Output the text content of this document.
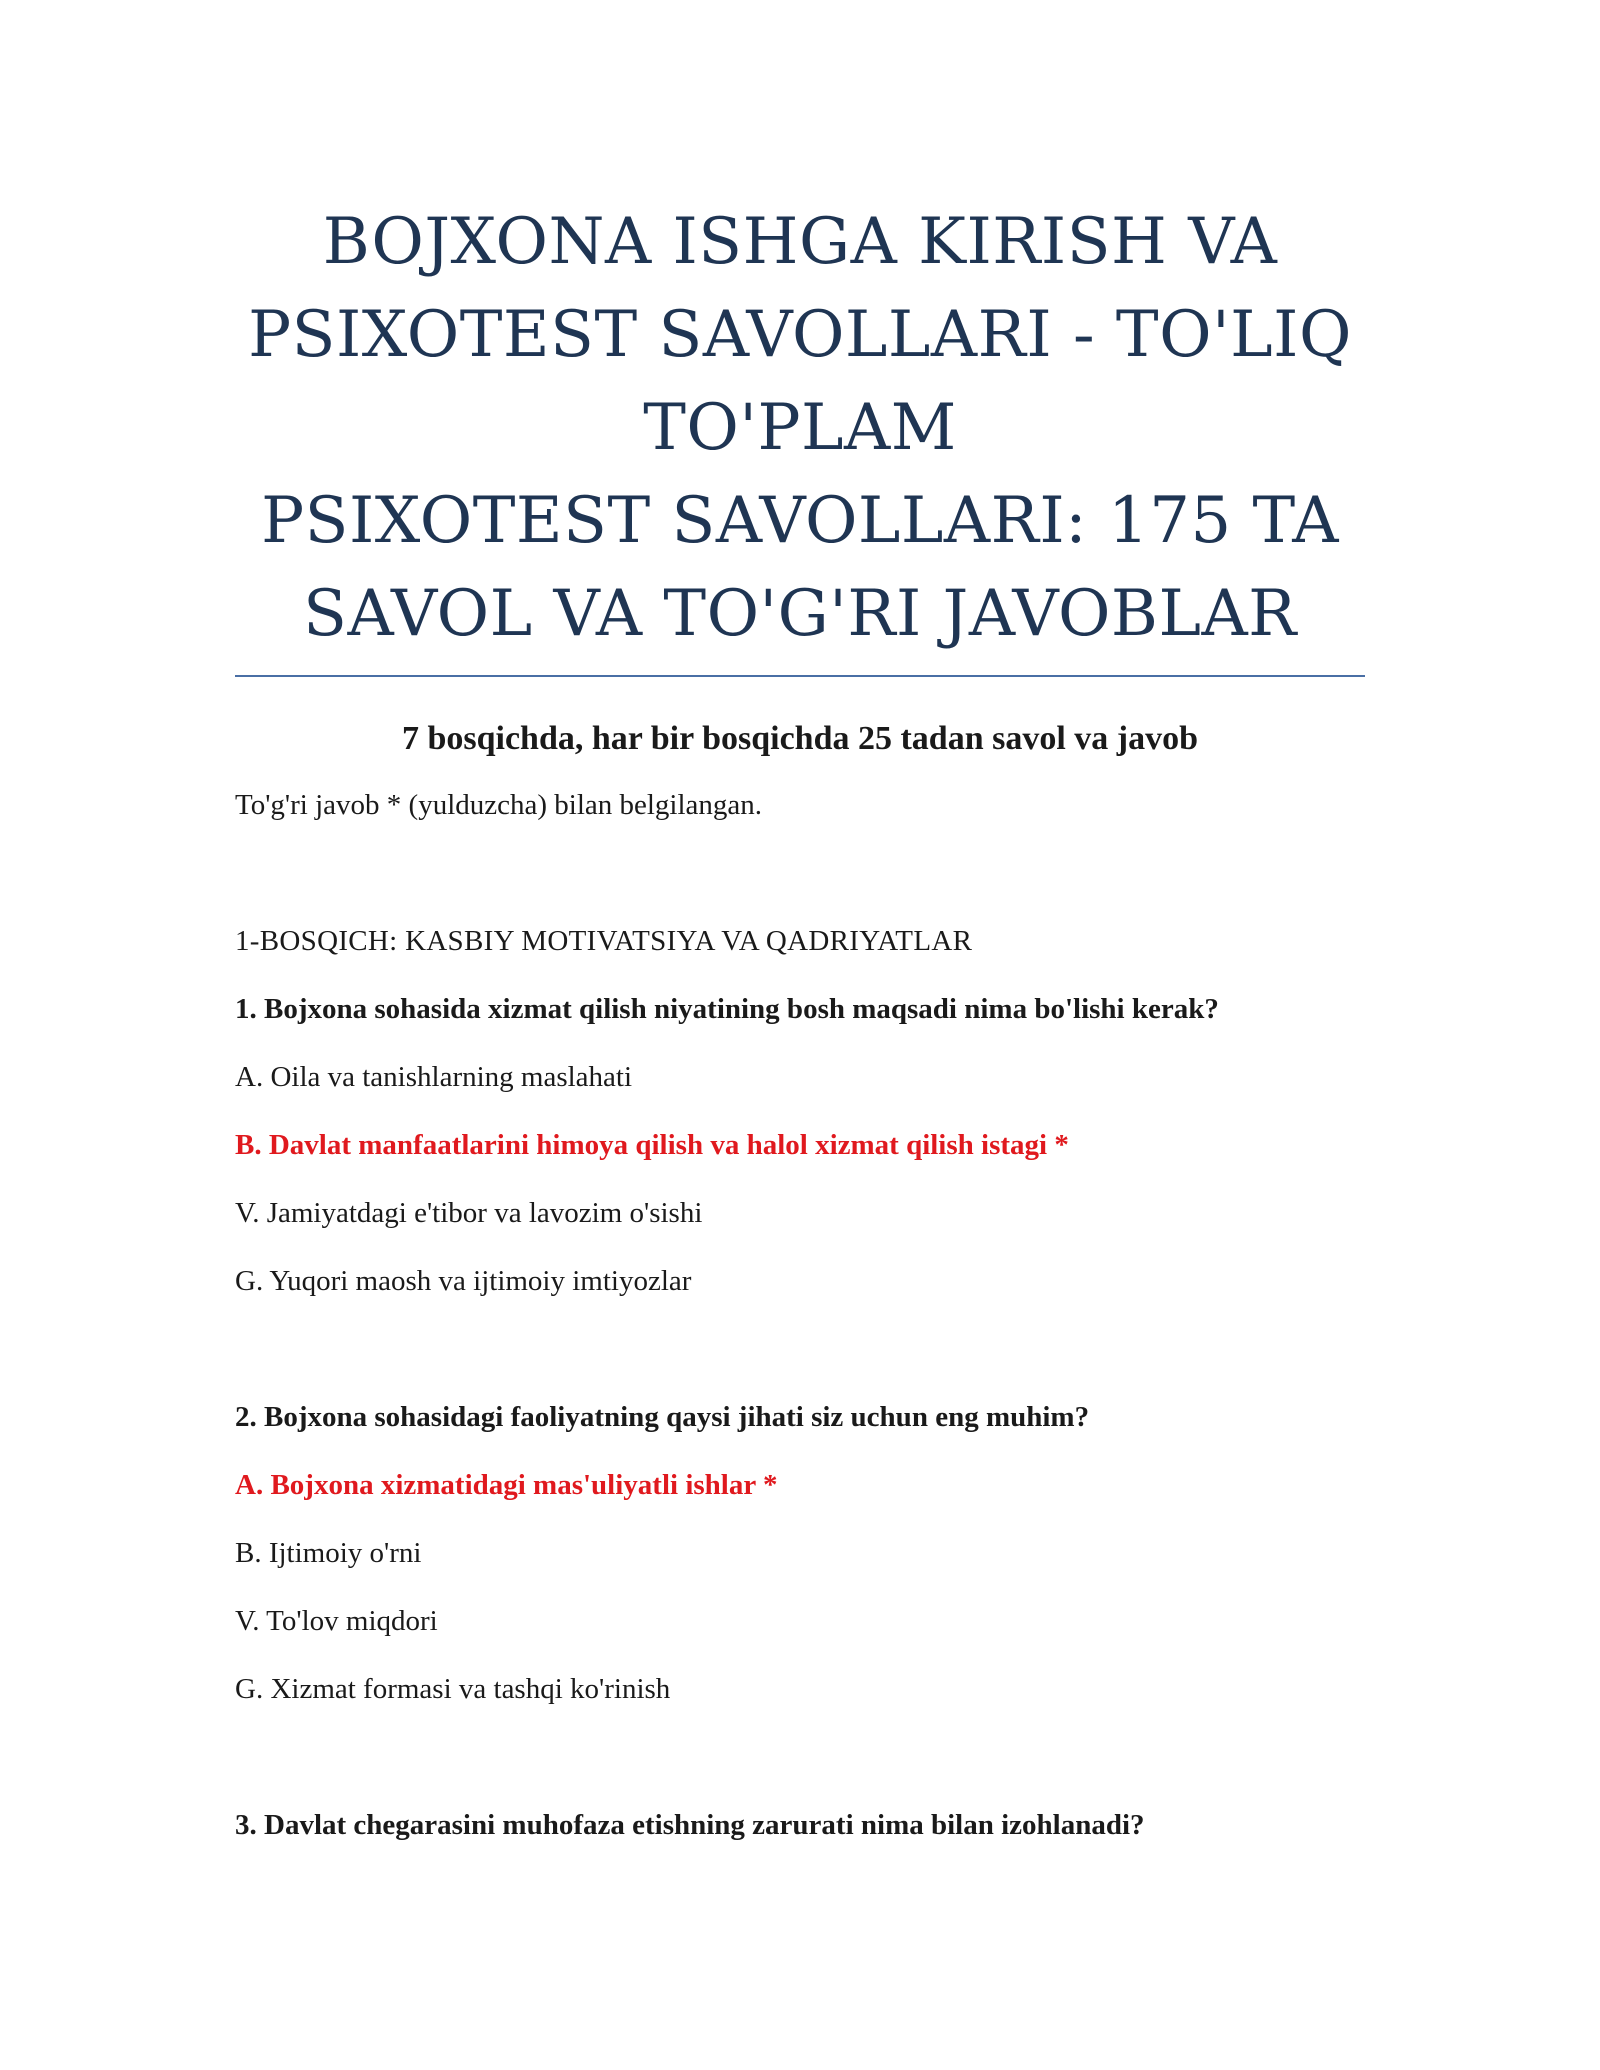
BOJXONA ISHGA KIRISH VA
PSIXOTEST SAVOLLARI - TO'LIQ
TO'PLAM
PSIXOTEST SAVOLLARI: 175 TA
SAVOL VA TO'G'RI JAVOBLAR

7 bosqichda, har bir bosqichda 25 tadan savol va javob

To'g'ri javob * (yulduzcha) bilan belgilangan.

1-BOSQICH: KASBIY MOTIVATSIYA VA QADRIYATLAR

1. Bojxona sohasida xizmat qilish niyatining bosh maqsadi nima bo'lishi kerak?

A. Oila va tanishlarning maslahati

B. Davlat manfaatlarini himoya qilish va halol xizmat qilish istagi *

V. Jamiyatdagi e'tibor va lavozim o'sishi

G. Yuqori maosh va ijtimoiy imtiyozlar

2. Bojxona sohasidagi faoliyatning qaysi jihati siz uchun eng muhim?

A. Bojxona xizmatidagi mas'uliyatli ishlar *

B. Ijtimoiy o'rni

V. To'lov miqdori

G. Xizmat formasi va tashqi ko'rinish

3. Davlat chegarasini muhofaza etishning zarurati nima bilan izohlanadi?
